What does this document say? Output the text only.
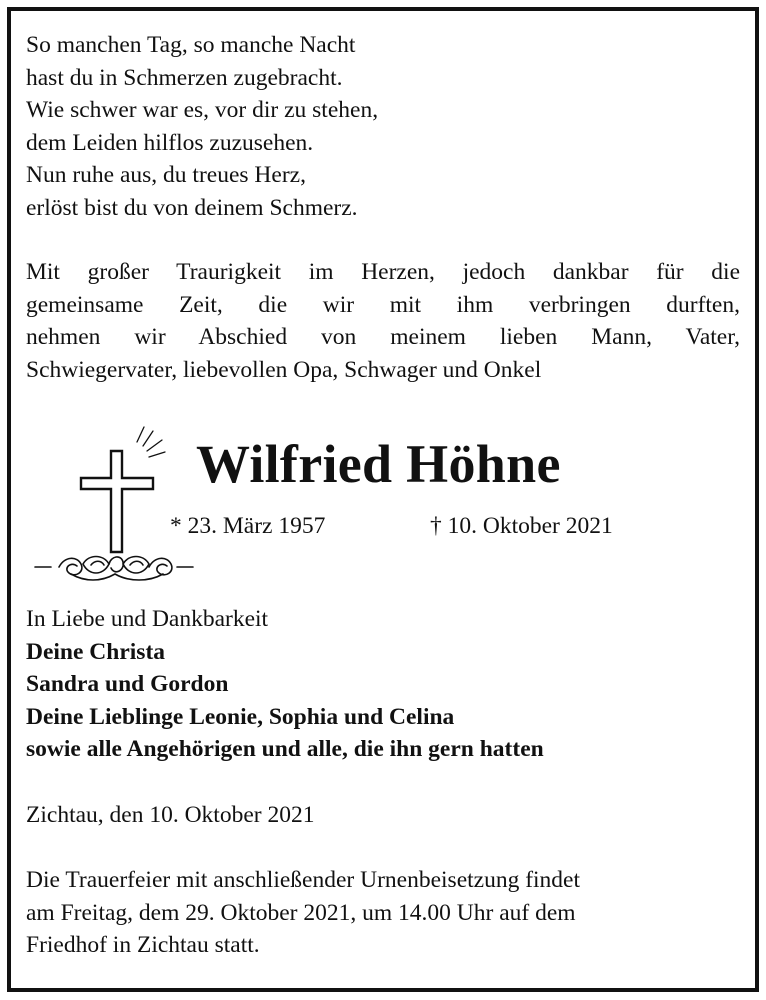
So manchen Tag, so manche Nacht
hast du in Schmerzen zugebracht.
Wie schwer war es, vor dir zu stehen,
dem Leiden hilflos zuzusehen.
Nun ruhe aus, du treues Herz,
erlöst bist du von deinem Schmerz.
Mit großer Traurigkeit im Herzen, jedoch dankbar für die
gemeinsame Zeit, die wir mit ihm verbringen durften,
nehmen wir Abschied von meinem lieben Mann, Vater,
Schwiegervater, liebevollen Opa, Schwager und Onkel
Wilfried Höhne
* 23. März 1957	† 10. Oktober 2021
In Liebe und Dankbarkeit
Deine Christa
Sandra und Gordon
Deine Lieblinge Leonie, Sophia und Celina
sowie alle Angehörigen und alle, die ihn gern hatten
Zichtau, den 10. Oktober 2021
Die Trauerfeier mit anschließender Urnenbeisetzung findet
am Freitag, dem 29. Oktober 2021, um 14.00 Uhr auf dem
Friedhof in Zichtau statt.
